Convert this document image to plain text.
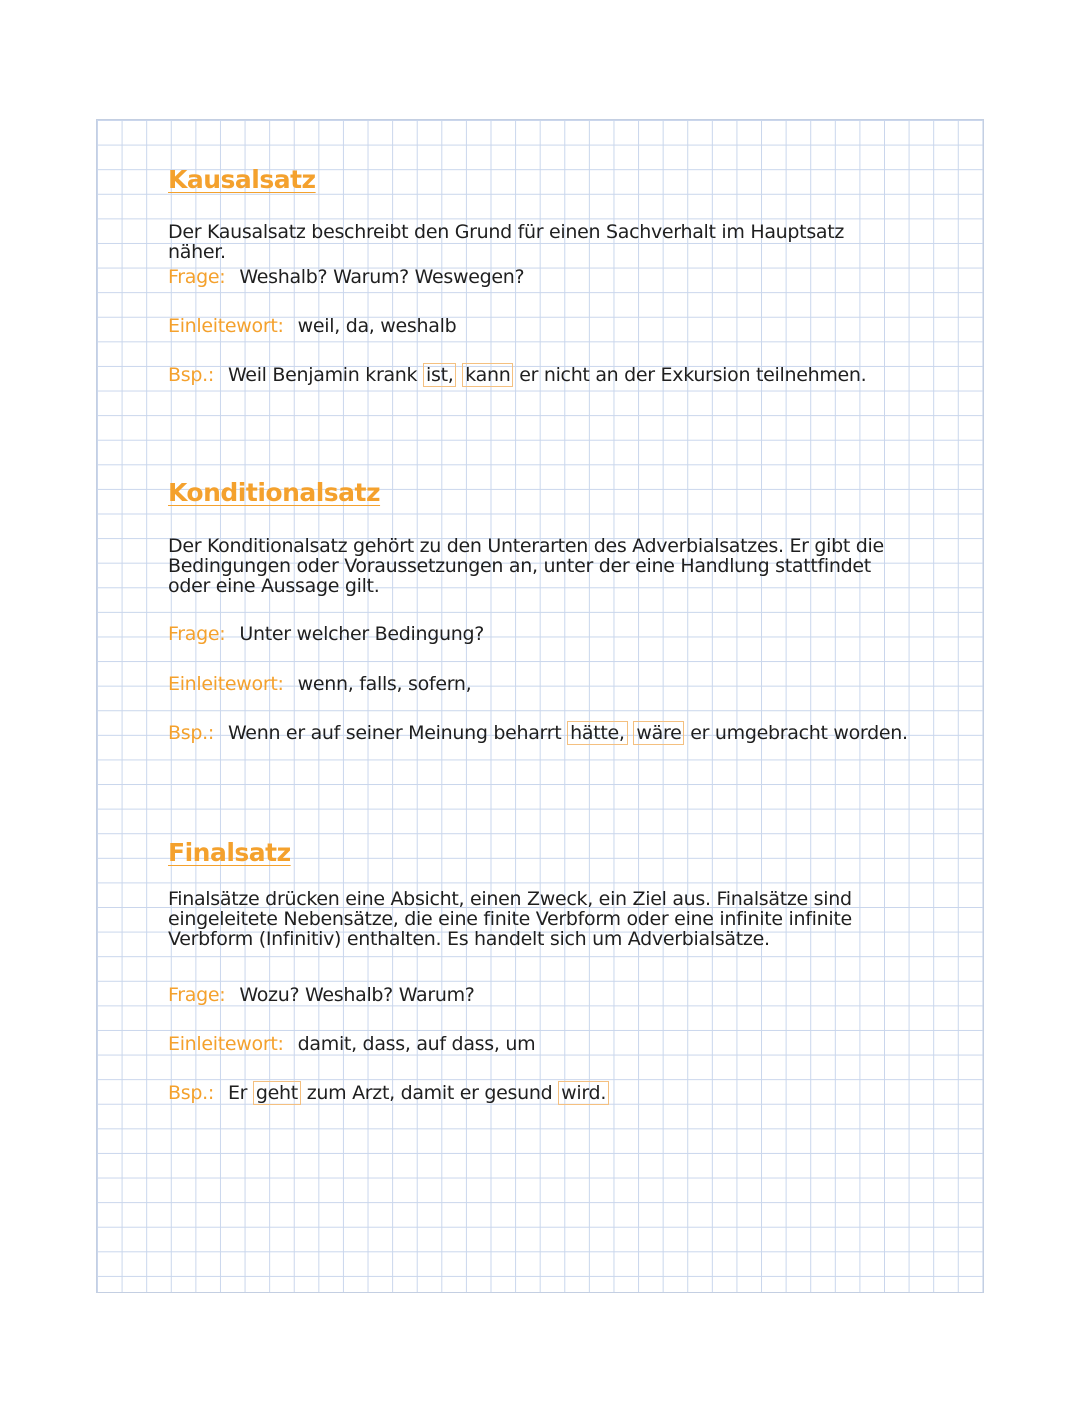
Kausalsatz
Der Kausalsatz beschreibt den Grund für einen Sachverhalt im Hauptsatz näher.
Frage: Weshalb? Warum? Weswegen?
Einleitewort: weil, da, weshalb
Bsp.: Weil Benjamin krank ist, kann er nicht an der Exkursion teilnehmen.
Konditionalsatz
Der Konditionalsatz gehört zu den Unterarten des Adverbialsatzes. Er gibt die Bedingungen oder Voraussetzungen an, unter der eine Handlung stattfindet oder eine Aussage gilt.
Frage: Unter welcher Bedingung?
Einleitewort: wenn, falls, sofern,
Bsp.: Wenn er auf seiner Meinung beharrt hätte, wäre er umgebracht worden.
Finalsatz
Finalsätze drücken eine Absicht, einen Zweck, ein Ziel aus. Finalsätze sind eingeleitete Nebensätze, die eine finite Verbform oder eine infinite infinite Verbform (Infinitiv) enthalten. Es handelt sich um Adverbialsätze.
Frage: Wozu? Weshalb? Warum?
Einleitewort: damit, dass, auf dass, um
Bsp.: Er geht zum Arzt, damit er gesund wird.
